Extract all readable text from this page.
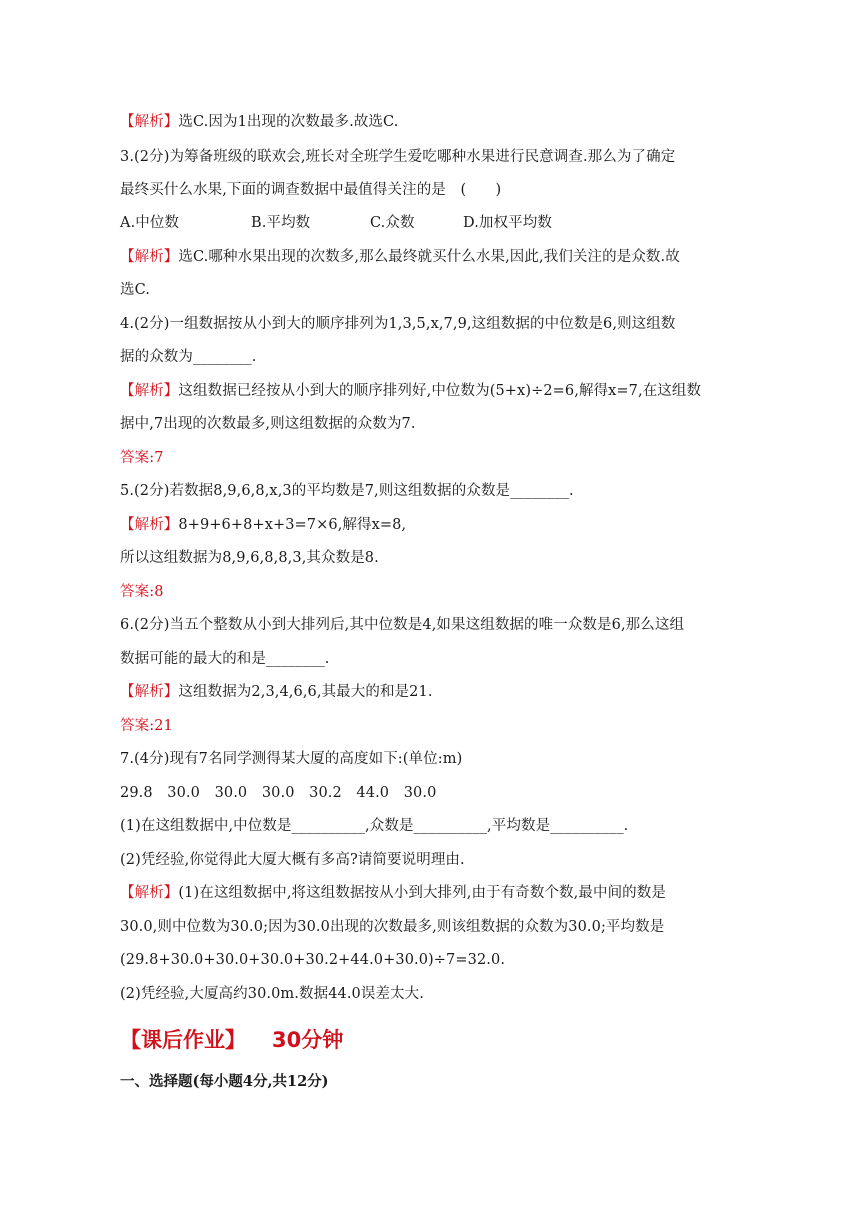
【解析】选C.因为1出现的次数最多.故选C.
3.(2分)为筹备班级的联欢会,班长对全班学生爱吃哪种水果进行民意调查.那么为了确定
最终买什么水果,下面的调查数据中最值得关注的是　(　　)
A.中位数	B.平均数	C.众数	D.加权平均数
【解析】选C.哪种水果出现的次数多,那么最终就买什么水果,因此,我们关注的是众数.故
选C.
4.(2分)一组数据按从小到大的顺序排列为1,3,5,x,7,9,这组数据的中位数是6,则这组数
据的众数为________.
【解析】这组数据已经按从小到大的顺序排列好,中位数为(5+x)÷2=6,解得x=7,在这组数
据中,7出现的次数最多,则这组数据的众数为7.
答案:7
5.(2分)若数据8,9,6,8,x,3的平均数是7,则这组数据的众数是________.
【解析】8+9+6+8+x+3=7×6,解得x=8,
所以这组数据为8,9,6,8,8,3,其众数是8.
答案:8
6.(2分)当五个整数从小到大排列后,其中位数是4,如果这组数据的唯一众数是6,那么这组
数据可能的最大的和是________.
【解析】这组数据为2,3,4,6,6,其最大的和是21.
答案:21
7.(4分)现有7名同学测得某大厦的高度如下:(单位:m)
29.8　30.0　30.0　30.0　30.2　44.0　30.0
(1)在这组数据中,中位数是__________,众数是__________,平均数是__________.
(2)凭经验,你觉得此大厦大概有多高?请简要说明理由.
【解析】(1)在这组数据中,将这组数据按从小到大排列,由于有奇数个数,最中间的数是
30.0,则中位数为30.0;因为30.0出现的次数最多,则该组数据的众数为30.0;平均数是
(29.8+30.0+30.0+30.0+30.2+44.0+30.0)÷7=32.0.
(2)凭经验,大厦高约30.0m.数据44.0误差太大.
【课后作业】 30分钟
一、选择题(每小题4分,共12分)
